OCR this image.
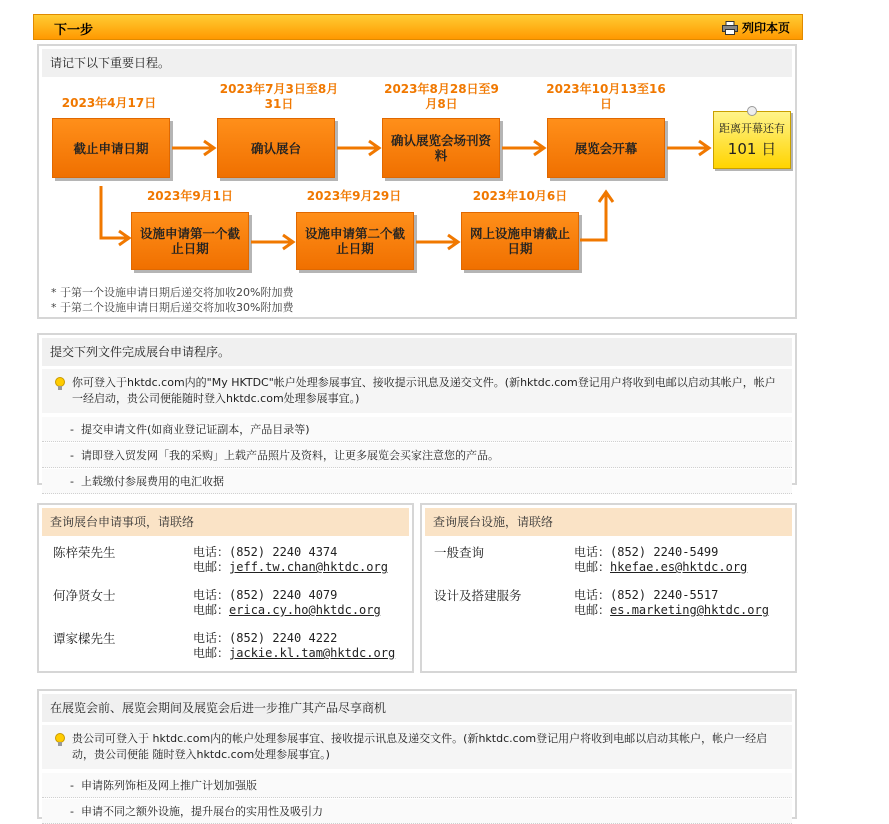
下一步	列印本页
请记下以下重要日程。
2023年4月17日
2023年7月3日至8月31日
2023年8月28日至9月8日
2023年10月13至16日
截止申请日期	确认展台	确认展览会场刊资料	展览会开幕
距离开幕还有
101 日
2023年9月1日	2023年9月29日	2023年10月6日
设施申请第一个截止日期
设施申请第二个截止日期
网上设施申请截止日期
* 于第一个设施申请日期后递交将加收20%附加费
* 于第二个设施申请日期后递交将加收30%附加费
提交下列文件完成展台申请程序。
你可登入于hktdc.com内的"My HKTDC"帐户处理参展事宜、接收提示讯息及递交文件。(新hktdc.com登记用户将收到电邮以启动其帐户，帐户一经启动，贵公司便能随时登入hktdc.com处理参展事宜。)
-  提交申请文件(如商业登记证副本，产品目录等)
-  请即登入贸发网「我的采购」上载产品照片及资料，让更多展览会买家注意您的产品。
-  上载缴付参展费用的电汇收据
查询展台申请事项，请联络
陈梓荣先生	电话：(852) 2240 4374
电邮：jeff.tw.chan@hktdc.org
何净贤女士	电话：(852) 2240 4079
电邮：erica.cy.ho@hktdc.org
谭家樑先生	电话：(852) 2240 4222
电邮：jackie.kl.tam@hktdc.org
查询展台设施，请联络
一般查询	电话：(852) 2240-5499
电邮：hkefae.es@hktdc.org
设计及搭建服务	电话：(852) 2240-5517
电邮：es.marketing@hktdc.org
在展览会前、展览会期间及展览会后进一步推广其产品尽享商机
贵公司可登入于 hktdc.com内的帐户处理参展事宜、接收提示讯息及递交文件。(新hktdc.com登记用户将收到电邮以启动其帐户，帐户一经启动，贵公司便能 随时登入hktdc.com处理参展事宜。)
-  申请陈列饰柜及网上推广计划加强版
-  申请不同之额外设施，提升展台的实用性及吸引力
